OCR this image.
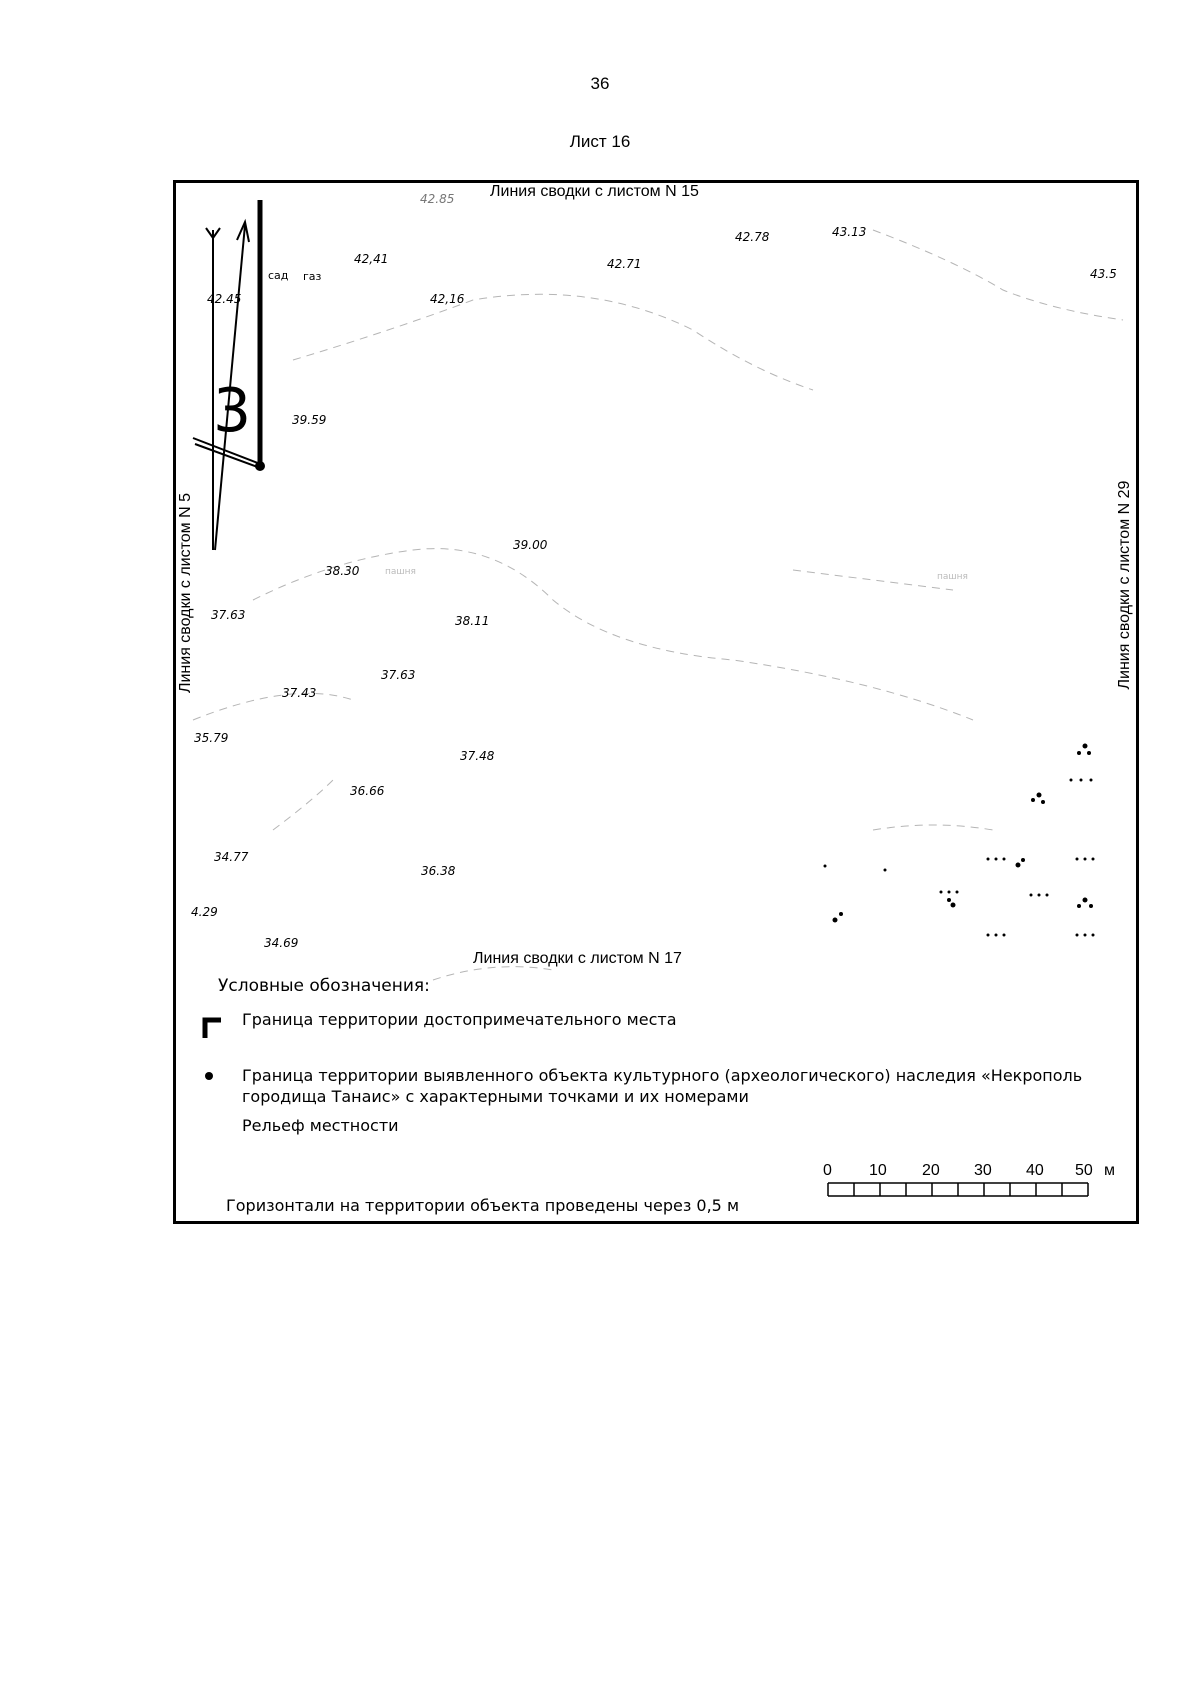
36
Лист 16
Линия сводки с листом N 15
Линия сводки с листом N 17
Линия сводки с листом N 5	Линия сводки с листом N 29
3
42.85
42.78	43.13
42,41	42.71
43.5
42.45	42,16
39.59
39.00
38.30
37.63	38.11
37.63
37.43
35.79
37.48
36.66
34.77
36.38
4.29
34.69
сад газ
пашня	пашня
Условные обозначения:
Граница территории достопримечательного места
Граница территории выявленного объекта культурного (археологического) наследия «Некрополь
городища Танаис» с характерными точками и их номерами
Рельеф местности
Горизонтали на территории объекта проведены через 0,5 м
0 10 20 30 40 50 м
